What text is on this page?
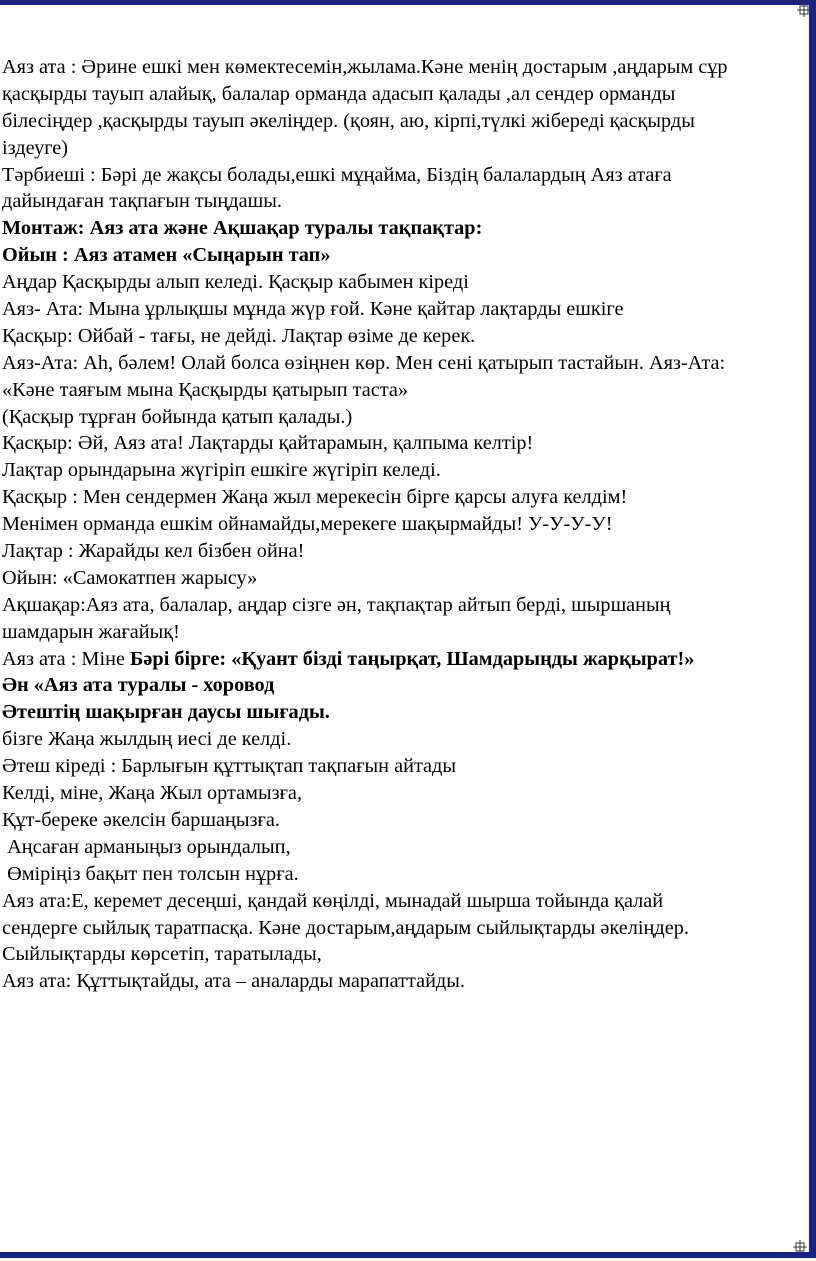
Аяз ата : Әрине ешкі мен көмектесемін,жылама.Кәне менің достарым ,аңдарым сұр
қасқырды тауып алайық, балалар орманда адасып қалады ,ал сендер орманды
білесіңдер ,қасқырды тауып әкеліңдер. (қоян, аю, кірпі,түлкі жібереді қасқырды
іздеуге)
Тәрбиеші : Бәрі де жақсы болады,ешкі мұңайма, Біздің балалардың Аяз атаға
дайындаған тақпағын тыңдашы.
Монтаж: Аяз ата және Ақшақар туралы тақпақтар:
Ойын : Аяз атамен «Сыңарын тап»
Аңдар Қасқырды алып келеді. Қасқыр кабымен кіреді
Аяз- Ата: Мына ұрлықшы мұнда жүр ғой. Кәне қайтар лақтарды ешкіге
Қасқыр: Ойбай - тағы, не дейді. Лақтар өзіме де керек.
Аяз-Ата: Аһ, бәлем! Олай болса өзіңнен көр. Мен сені қатырып тастайын. Аяз-Ата:
«Кәне таяғым мына Қасқырды қатырып таста»
(Қасқыр тұрған бойында қатып қалады.)
Қасқыр: Әй, Аяз ата! Лақтарды қайтарамын, қалпыма келтір!
Лақтар орындарына жүгіріп ешкіге жүгіріп келеді.
Қасқыр : Мен сендермен Жаңа жыл мерекесін бірге қарсы алуға келдім!
Менімен орманда ешкім ойнамайды,мерекеге шақырмайды! У-У-У-У!
Лақтар : Жарайды кел бізбен ойна!
Ойын: «Самокатпен жарысу»
Ақшақар:Аяз ата, балалар, аңдар сізге ән, тақпақтар айтып берді, шыршаның
шамдарын жағайық!
Аяз ата : Міне Бәрі бірге: «Қуант бізді таңырқат, Шамдарыңды жарқырат!»
Ән «Аяз ата туралы - хоровод
Әтештің шақырған даусы шығады.
бізге Жаңа жылдың иесі де келді.
Әтеш кіреді : Барлығын құттықтап тақпағын айтады
Келді, міне, Жаңа Жыл ортамызға,
Құт-береке әкелсін баршаңызға.
Аңсаған арманыңыз орындалып,
Өміріңіз бақыт пен толсын нұрға.
Аяз ата:Е, керемет десеңші, қандай көңілді, мынадай шырша тойында қалай
сендерге сыйлық таратпасқа. Кәне достарым,аңдарым сыйлықтарды әкеліңдер.
Сыйлықтарды көрсетіп, таратылады,
Аяз ата: Құттықтайды, ата – аналарды марапаттайды.
